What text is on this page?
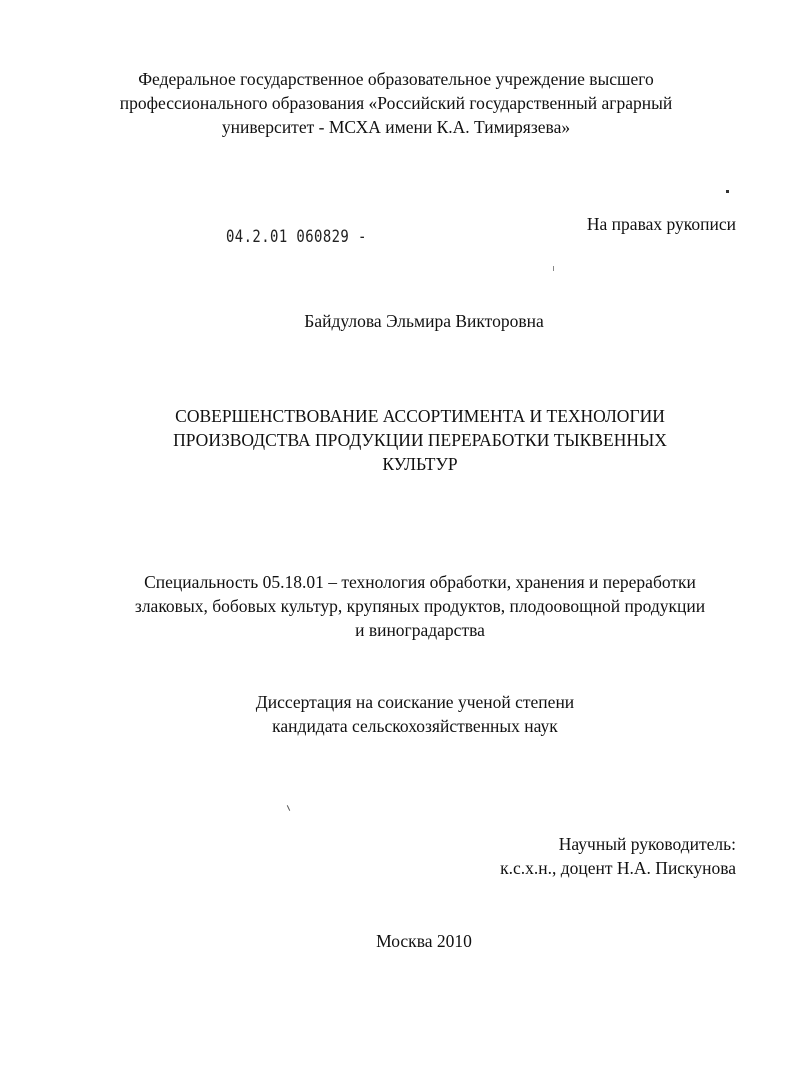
Федеральное государственное образовательное учреждение высшего
профессионального образования «Российский государственный аграрный
университет - МСХА имени К.А. Тимирязева»
04.2.01 060829 -
На правах рукописи
Байдулова Эльмира Викторовна
СОВЕРШЕНСТВОВАНИЕ АССОРТИМЕНТА И ТЕХНОЛОГИИ
ПРОИЗВОДСТВА ПРОДУКЦИИ ПЕРЕРАБОТКИ ТЫКВЕННЫХ
КУЛЬТУР
Специальность 05.18.01 – технология обработки, хранения и переработки
злаковых, бобовых культур, крупяных продуктов, плодоовощной продукции
и виноградарства
Диссертация на соискание ученой степени
кандидата сельскохозяйственных наук
Научный руководитель:
к.с.х.н., доцент Н.А. Пискунова
Москва 2010
